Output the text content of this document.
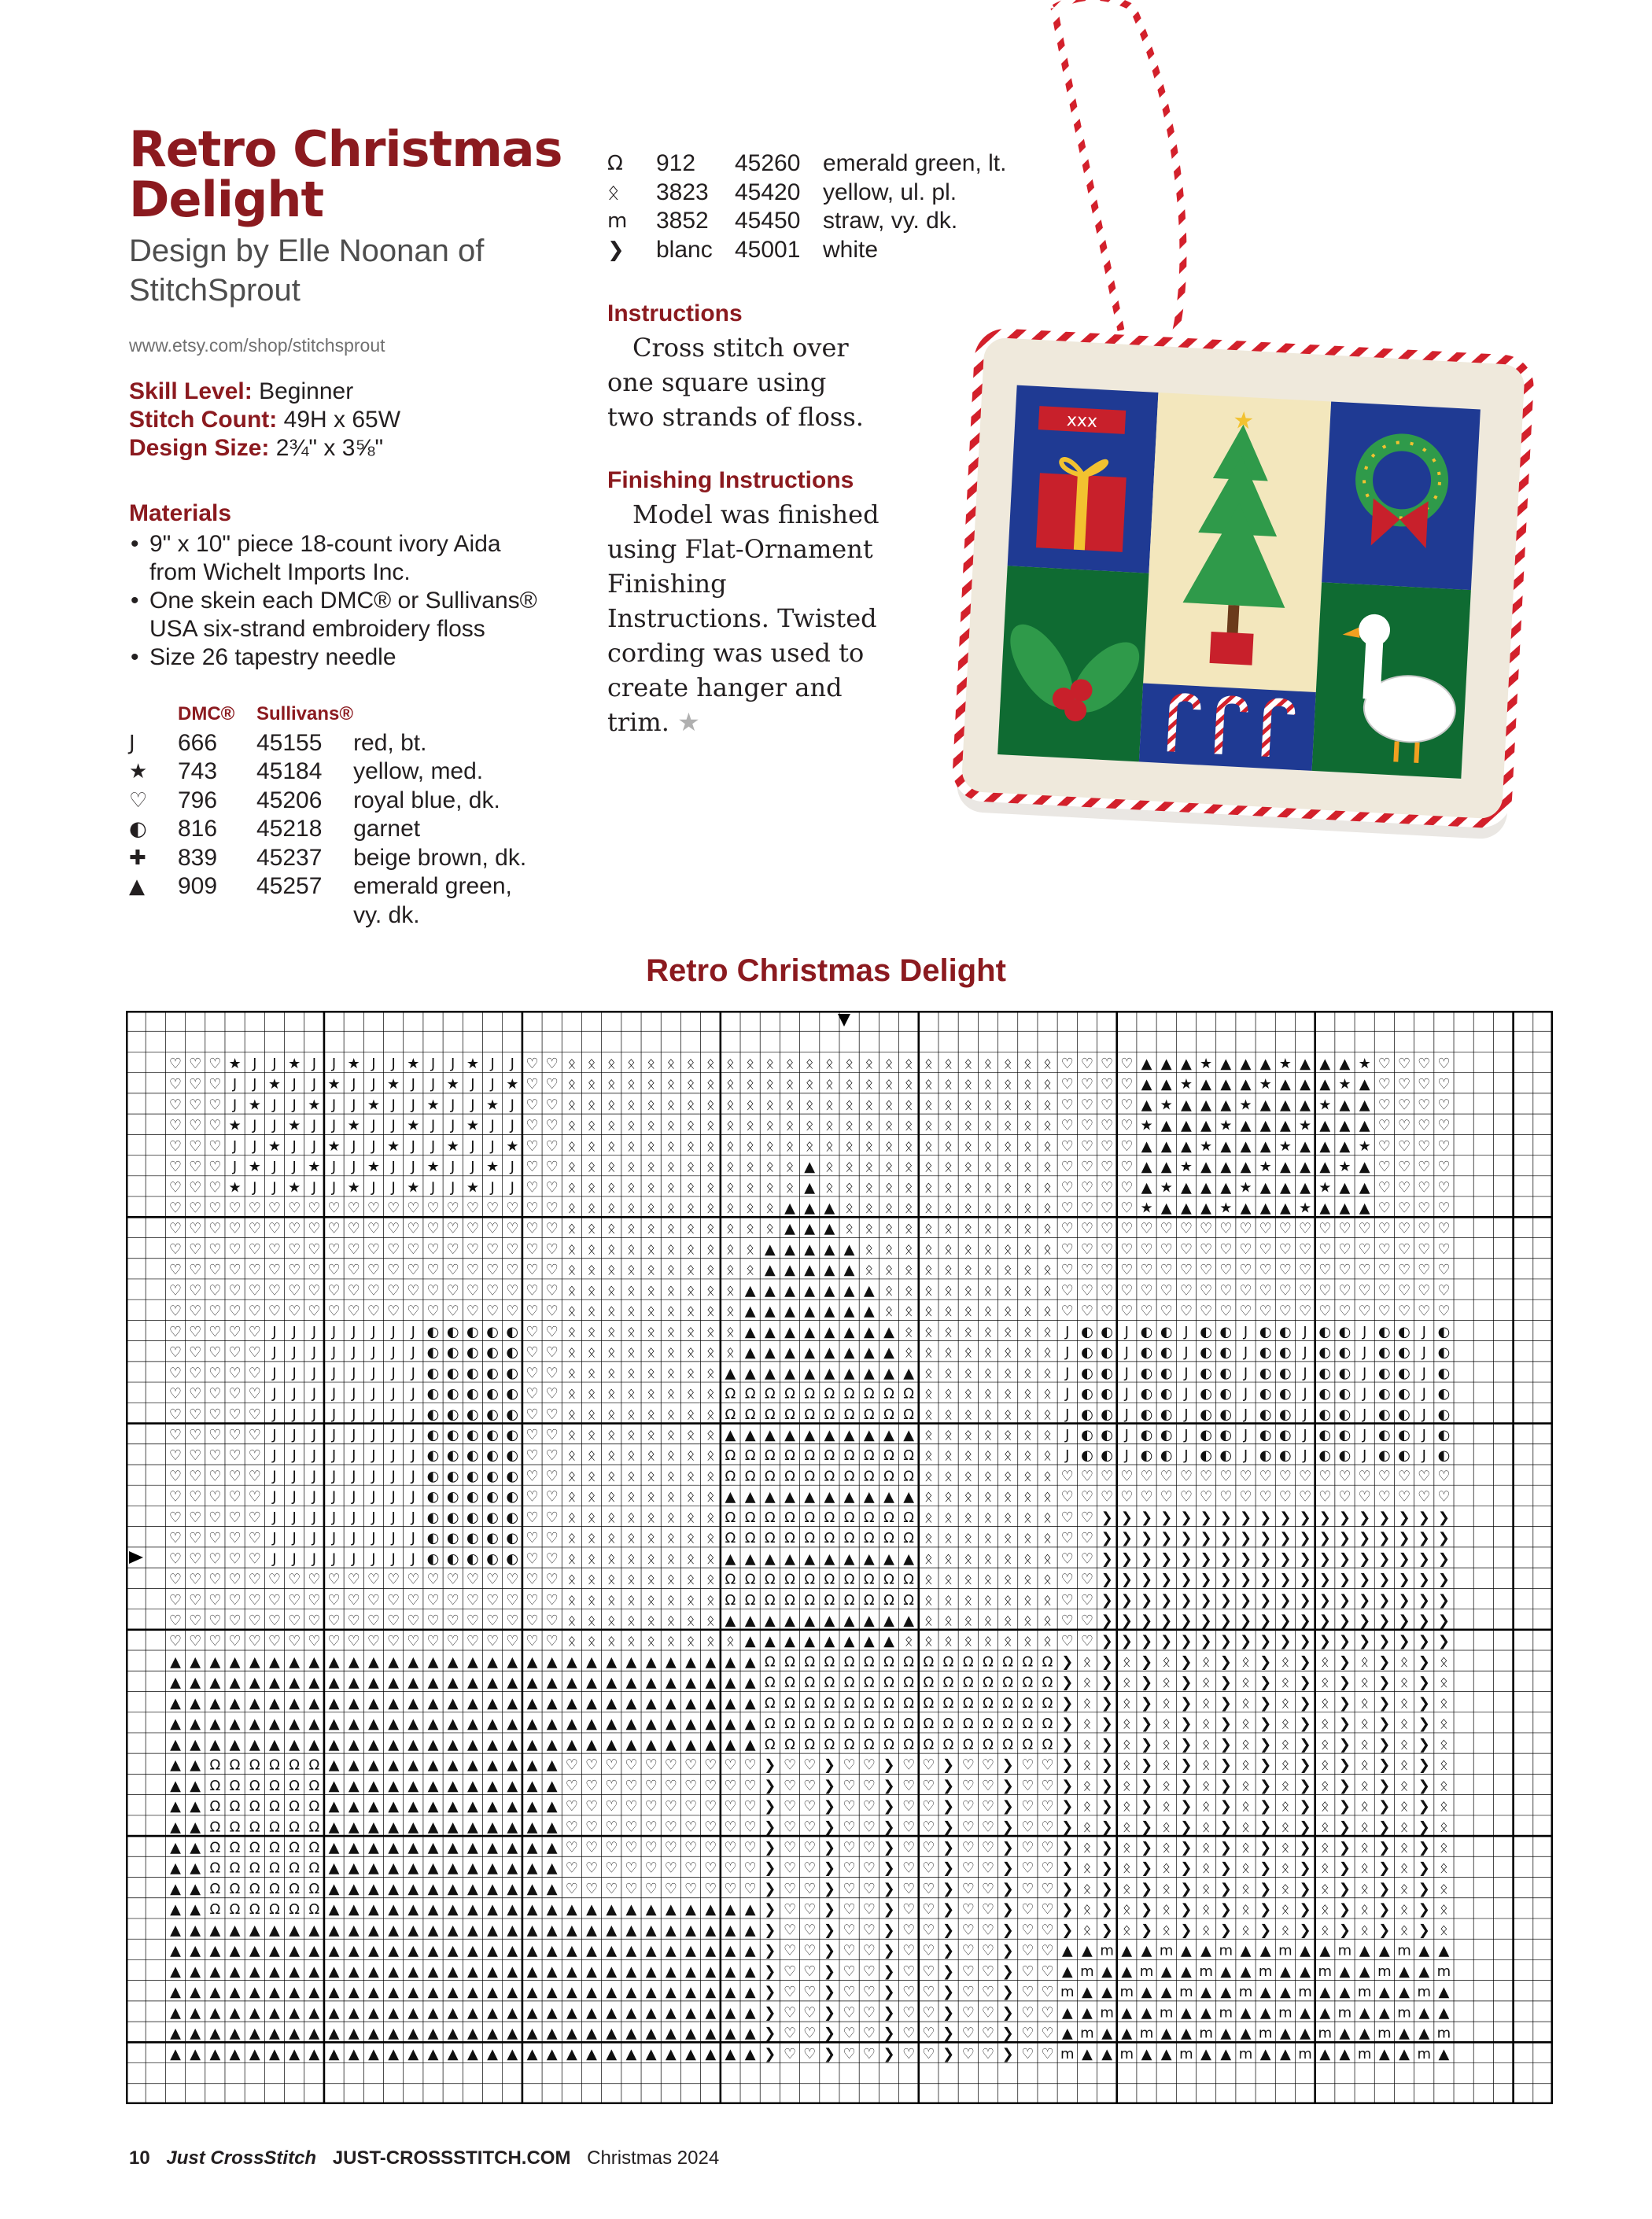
Retro Christmas
Delight
Design by Elle Noonan of StitchSprout
www.etsy.com/shop/stitchsprout
Skill Level: Beginner
Stitch Count: 49H x 65W
Design Size: 2¾" x 3⅝"
Materials
• 9" x 10" piece 18-count ivory Aida from Wichelt Imports Inc.
• One skein each DMC® or Sullivans® USA six-strand embroidery floss
• Size 26 tapestry needle
	DMC®	Sullivans®	
J	666	45155	red, bt.
★	743	45184	yellow, med.
♡	796	45206	royal blue, dk.
◐	816	45218	garnet
✚	839	45237	beige brown, dk.
▲	909	45257	emerald green, vy. dk.
Ω	912	45260	emerald green, lt.
ᛟ	3823	45420	yellow, ul. pl.
m	3852	45450	straw, vy. dk.
❯	blanc	45001	white
Instructions
Cross stitch over one square using two strands of floss.
Finishing Instructions
Model was finished using Flat-Ornament Finishing Instructions. Twisted cording was used to create hanger and trim. ★
xxx	★
Retro Christmas Delight
♡ ♡ ♡ ★ J J ★ J J ★ J J ★ J J ★ J J ♡ ♡ ᛟ ᛟ ᛟ ᛟ ᛟ ᛟ ᛟ ᛟ ᛟ ᛟ ᛟ ᛟ ᛟ ᛟ ᛟ ᛟ ᛟ ᛟ ᛟ ᛟ ᛟ ᛟ ᛟ ᛟ ᛟ ♡ ♡ ♡ ♡ ▲ ▲ ▲ ★ ▲ ▲ ▲ ★ ▲ ▲ ▲ ★ ♡ ♡ ♡ ♡
♡ ♡ ♡ J J ★ J J ★ J J ★ J J ★ J J ★ ♡ ♡ ᛟ ᛟ ᛟ ᛟ ᛟ ᛟ ᛟ ᛟ ᛟ ᛟ ᛟ ᛟ ᛟ ᛟ ᛟ ᛟ ᛟ ᛟ ᛟ ᛟ ᛟ ᛟ ᛟ ᛟ ᛟ ♡ ♡ ♡ ♡ ▲ ▲ ★ ▲ ▲ ▲ ★ ▲ ▲ ▲ ★ ▲ ♡ ♡ ♡ ♡
♡ ♡ ♡ J ★ J J ★ J J ★ J J ★ J J ★ J ♡ ♡ ᛟ ᛟ ᛟ ᛟ ᛟ ᛟ ᛟ ᛟ ᛟ ᛟ ᛟ ᛟ ᛟ ᛟ ᛟ ᛟ ᛟ ᛟ ᛟ ᛟ ᛟ ᛟ ᛟ ᛟ ᛟ ♡ ♡ ♡ ♡ ▲ ★ ▲ ▲ ▲ ★ ▲ ▲ ▲ ★ ▲ ▲ ♡ ♡ ♡ ♡
♡ ♡ ♡ ★ J J ★ J J ★ J J ★ J J ★ J J ♡ ♡ ᛟ ᛟ ᛟ ᛟ ᛟ ᛟ ᛟ ᛟ ᛟ ᛟ ᛟ ᛟ ᛟ ᛟ ᛟ ᛟ ᛟ ᛟ ᛟ ᛟ ᛟ ᛟ ᛟ ᛟ ᛟ ♡ ♡ ♡ ♡ ★ ▲ ▲ ▲ ★ ▲ ▲ ▲ ★ ▲ ▲ ▲ ♡ ♡ ♡ ♡
♡ ♡ ♡ J J ★ J J ★ J J ★ J J ★ J J ★ ♡ ♡ ᛟ ᛟ ᛟ ᛟ ᛟ ᛟ ᛟ ᛟ ᛟ ᛟ ᛟ ᛟ ᛟ ᛟ ᛟ ᛟ ᛟ ᛟ ᛟ ᛟ ᛟ ᛟ ᛟ ᛟ ᛟ ♡ ♡ ♡ ♡ ▲ ▲ ▲ ★ ▲ ▲ ▲ ★ ▲ ▲ ▲ ★ ♡ ♡ ♡ ♡
♡ ♡ ♡ J ★ J J ★ J J ★ J J ★ J J ★ J ♡ ♡ ᛟ ᛟ ᛟ ᛟ ᛟ ᛟ ᛟ ᛟ ᛟ ᛟ ᛟ ᛟ ▲ ᛟ ᛟ ᛟ ᛟ ᛟ ᛟ ᛟ ᛟ ᛟ ᛟ ᛟ ᛟ ♡ ♡ ♡ ♡ ▲ ▲ ★ ▲ ▲ ▲ ★ ▲ ▲ ▲ ★ ▲ ♡ ♡ ♡ ♡
♡ ♡ ♡ ★ J J ★ J J ★ J J ★ J J ★ J J ♡ ♡ ᛟ ᛟ ᛟ ᛟ ᛟ ᛟ ᛟ ᛟ ᛟ ᛟ ᛟ ᛟ ▲ ᛟ ᛟ ᛟ ᛟ ᛟ ᛟ ᛟ ᛟ ᛟ ᛟ ᛟ ᛟ ♡ ♡ ♡ ♡ ▲ ★ ▲ ▲ ▲ ★ ▲ ▲ ▲ ★ ▲ ▲ ♡ ♡ ♡ ♡
♡ ♡ ♡ ♡ ♡ ♡ ♡ ♡ ♡ ♡ ♡ ♡ ♡ ♡ ♡ ♡ ♡ ♡ ♡ ♡ ᛟ ᛟ ᛟ ᛟ ᛟ ᛟ ᛟ ᛟ ᛟ ᛟ ᛟ ▲ ▲ ▲ ᛟ ᛟ ᛟ ᛟ ᛟ ᛟ ᛟ ᛟ ᛟ ᛟ ᛟ ♡ ♡ ♡ ♡ ★ ▲ ▲ ▲ ★ ▲ ▲ ▲ ★ ▲ ▲ ▲ ♡ ♡ ♡ ♡
♡ ♡ ♡ ♡ ♡ ♡ ♡ ♡ ♡ ♡ ♡ ♡ ♡ ♡ ♡ ♡ ♡ ♡ ♡ ♡ ᛟ ᛟ ᛟ ᛟ ᛟ ᛟ ᛟ ᛟ ᛟ ᛟ ᛟ ▲ ▲ ▲ ᛟ ᛟ ᛟ ᛟ ᛟ ᛟ ᛟ ᛟ ᛟ ᛟ ᛟ ♡ ♡ ♡ ♡ ♡ ♡ ♡ ♡ ♡ ♡ ♡ ♡ ♡ ♡ ♡ ♡ ♡ ♡ ♡ ♡
♡ ♡ ♡ ♡ ♡ ♡ ♡ ♡ ♡ ♡ ♡ ♡ ♡ ♡ ♡ ♡ ♡ ♡ ♡ ♡ ᛟ ᛟ ᛟ ᛟ ᛟ ᛟ ᛟ ᛟ ᛟ ᛟ ▲ ▲ ▲ ▲ ▲ ᛟ ᛟ ᛟ ᛟ ᛟ ᛟ ᛟ ᛟ ᛟ ᛟ ♡ ♡ ♡ ♡ ♡ ♡ ♡ ♡ ♡ ♡ ♡ ♡ ♡ ♡ ♡ ♡ ♡ ♡ ♡ ♡
♡ ♡ ♡ ♡ ♡ ♡ ♡ ♡ ♡ ♡ ♡ ♡ ♡ ♡ ♡ ♡ ♡ ♡ ♡ ♡ ᛟ ᛟ ᛟ ᛟ ᛟ ᛟ ᛟ ᛟ ᛟ ᛟ ▲ ▲ ▲ ▲ ▲ ᛟ ᛟ ᛟ ᛟ ᛟ ᛟ ᛟ ᛟ ᛟ ᛟ ♡ ♡ ♡ ♡ ♡ ♡ ♡ ♡ ♡ ♡ ♡ ♡ ♡ ♡ ♡ ♡ ♡ ♡ ♡ ♡
♡ ♡ ♡ ♡ ♡ ♡ ♡ ♡ ♡ ♡ ♡ ♡ ♡ ♡ ♡ ♡ ♡ ♡ ♡ ♡ ᛟ ᛟ ᛟ ᛟ ᛟ ᛟ ᛟ ᛟ ᛟ ▲ ▲ ▲ ▲ ▲ ▲ ▲ ᛟ ᛟ ᛟ ᛟ ᛟ ᛟ ᛟ ᛟ ᛟ ♡ ♡ ♡ ♡ ♡ ♡ ♡ ♡ ♡ ♡ ♡ ♡ ♡ ♡ ♡ ♡ ♡ ♡ ♡ ♡
♡ ♡ ♡ ♡ ♡ ♡ ♡ ♡ ♡ ♡ ♡ ♡ ♡ ♡ ♡ ♡ ♡ ♡ ♡ ♡ ᛟ ᛟ ᛟ ᛟ ᛟ ᛟ ᛟ ᛟ ᛟ ▲ ▲ ▲ ▲ ▲ ▲ ▲ ᛟ ᛟ ᛟ ᛟ ᛟ ᛟ ᛟ ᛟ ᛟ ♡ ♡ ♡ ♡ ♡ ♡ ♡ ♡ ♡ ♡ ♡ ♡ ♡ ♡ ♡ ♡ ♡ ♡ ♡ ♡
♡ ♡ ♡ ♡ ♡ J J J J J J J J ◐ ◐ ◐ ◐ ◐ ♡ ♡ ᛟ ᛟ ᛟ ᛟ ᛟ ᛟ ᛟ ᛟ ᛟ ▲ ▲ ▲ ▲ ▲ ▲ ▲ ▲ ᛟ ᛟ ᛟ ᛟ ᛟ ᛟ ᛟ ᛟ J ◐ ◐ J ◐ ◐ J ◐ ◐ J ◐ ◐ J ◐ ◐ J ◐ ◐ J ◐
♡ ♡ ♡ ♡ ♡ J J J J J J J J ◐ ◐ ◐ ◐ ◐ ♡ ♡ ᛟ ᛟ ᛟ ᛟ ᛟ ᛟ ᛟ ᛟ ᛟ ▲ ▲ ▲ ▲ ▲ ▲ ▲ ▲ ᛟ ᛟ ᛟ ᛟ ᛟ ᛟ ᛟ ᛟ J ◐ ◐ J ◐ ◐ J ◐ ◐ J ◐ ◐ J ◐ ◐ J ◐ ◐ J ◐
♡ ♡ ♡ ♡ ♡ J J J J J J J J ◐ ◐ ◐ ◐ ◐ ♡ ♡ ᛟ ᛟ ᛟ ᛟ ᛟ ᛟ ᛟ ᛟ ▲ ▲ ▲ ▲ ▲ ▲ ▲ ▲ ▲ ▲ ᛟ ᛟ ᛟ ᛟ ᛟ ᛟ ᛟ J ◐ ◐ J ◐ ◐ J ◐ ◐ J ◐ ◐ J ◐ ◐ J ◐ ◐ J ◐
♡ ♡ ♡ ♡ ♡ J J J J J J J J ◐ ◐ ◐ ◐ ◐ ♡ ♡ ᛟ ᛟ ᛟ ᛟ ᛟ ᛟ ᛟ ᛟ Ω Ω Ω Ω Ω Ω Ω Ω Ω Ω ᛟ ᛟ ᛟ ᛟ ᛟ ᛟ ᛟ J ◐ ◐ J ◐ ◐ J ◐ ◐ J ◐ ◐ J ◐ ◐ J ◐ ◐ J ◐
♡ ♡ ♡ ♡ ♡ J J J J J J J J ◐ ◐ ◐ ◐ ◐ ♡ ♡ ᛟ ᛟ ᛟ ᛟ ᛟ ᛟ ᛟ ᛟ Ω Ω Ω Ω Ω Ω Ω Ω Ω Ω ᛟ ᛟ ᛟ ᛟ ᛟ ᛟ ᛟ J ◐ ◐ J ◐ ◐ J ◐ ◐ J ◐ ◐ J ◐ ◐ J ◐ ◐ J ◐
♡ ♡ ♡ ♡ ♡ J J J J J J J J ◐ ◐ ◐ ◐ ◐ ♡ ♡ ᛟ ᛟ ᛟ ᛟ ᛟ ᛟ ᛟ ᛟ ▲ ▲ ▲ ▲ ▲ ▲ ▲ ▲ ▲ ▲ ᛟ ᛟ ᛟ ᛟ ᛟ ᛟ ᛟ J ◐ ◐ J ◐ ◐ J ◐ ◐ J ◐ ◐ J ◐ ◐ J ◐ ◐ J ◐
♡ ♡ ♡ ♡ ♡ J J J J J J J J ◐ ◐ ◐ ◐ ◐ ♡ ♡ ᛟ ᛟ ᛟ ᛟ ᛟ ᛟ ᛟ ᛟ Ω Ω Ω Ω Ω Ω Ω Ω Ω Ω ᛟ ᛟ ᛟ ᛟ ᛟ ᛟ ᛟ J ◐ ◐ J ◐ ◐ J ◐ ◐ J ◐ ◐ J ◐ ◐ J ◐ ◐ J ◐
♡ ♡ ♡ ♡ ♡ J J J J J J J J ◐ ◐ ◐ ◐ ◐ ♡ ♡ ᛟ ᛟ ᛟ ᛟ ᛟ ᛟ ᛟ ᛟ Ω Ω Ω Ω Ω Ω Ω Ω Ω Ω ᛟ ᛟ ᛟ ᛟ ᛟ ᛟ ᛟ ♡ ♡ ♡ ♡ ♡ ♡ ♡ ♡ ♡ ♡ ♡ ♡ ♡ ♡ ♡ ♡ ♡ ♡ ♡ ♡
♡ ♡ ♡ ♡ ♡ J J J J J J J J ◐ ◐ ◐ ◐ ◐ ♡ ♡ ᛟ ᛟ ᛟ ᛟ ᛟ ᛟ ᛟ ᛟ ▲ ▲ ▲ ▲ ▲ ▲ ▲ ▲ ▲ ▲ ᛟ ᛟ ᛟ ᛟ ᛟ ᛟ ᛟ ♡ ♡ ♡ ♡ ♡ ♡ ♡ ♡ ♡ ♡ ♡ ♡ ♡ ♡ ♡ ♡ ♡ ♡ ♡ ♡
♡ ♡ ♡ ♡ ♡ J J J J J J J J ◐ ◐ ◐ ◐ ◐ ♡ ♡ ᛟ ᛟ ᛟ ᛟ ᛟ ᛟ ᛟ ᛟ Ω Ω Ω Ω Ω Ω Ω Ω Ω Ω ᛟ ᛟ ᛟ ᛟ ᛟ ᛟ ᛟ ♡ ♡ ❯ ❯ ❯ ❯ ❯ ❯ ❯ ❯ ❯ ❯ ❯ ❯ ❯ ❯ ❯ ❯ ❯ ❯
♡ ♡ ♡ ♡ ♡ J J J J J J J J ◐ ◐ ◐ ◐ ◐ ♡ ♡ ᛟ ᛟ ᛟ ᛟ ᛟ ᛟ ᛟ ᛟ Ω Ω Ω Ω Ω Ω Ω Ω Ω Ω ᛟ ᛟ ᛟ ᛟ ᛟ ᛟ ᛟ ♡ ♡ ❯ ❯ ❯ ❯ ❯ ❯ ❯ ❯ ❯ ❯ ❯ ❯ ❯ ❯ ❯ ❯ ❯ ❯
♡ ♡ ♡ ♡ ♡ J J J J J J J J ◐ ◐ ◐ ◐ ◐ ♡ ♡ ᛟ ᛟ ᛟ ᛟ ᛟ ᛟ ᛟ ᛟ ▲ ▲ ▲ ▲ ▲ ▲ ▲ ▲ ▲ ▲ ᛟ ᛟ ᛟ ᛟ ᛟ ᛟ ᛟ ♡ ♡ ❯ ❯ ❯ ❯ ❯ ❯ ❯ ❯ ❯ ❯ ❯ ❯ ❯ ❯ ❯ ❯ ❯ ❯
♡ ♡ ♡ ♡ ♡ ♡ ♡ ♡ ♡ ♡ ♡ ♡ ♡ ♡ ♡ ♡ ♡ ♡ ♡ ♡ ᛟ ᛟ ᛟ ᛟ ᛟ ᛟ ᛟ ᛟ Ω Ω Ω Ω Ω Ω Ω Ω Ω Ω ᛟ ᛟ ᛟ ᛟ ᛟ ᛟ ᛟ ♡ ♡ ❯ ❯ ❯ ❯ ❯ ❯ ❯ ❯ ❯ ❯ ❯ ❯ ❯ ❯ ❯ ❯ ❯ ❯
♡ ♡ ♡ ♡ ♡ ♡ ♡ ♡ ♡ ♡ ♡ ♡ ♡ ♡ ♡ ♡ ♡ ♡ ♡ ♡ ᛟ ᛟ ᛟ ᛟ ᛟ ᛟ ᛟ ᛟ Ω Ω Ω Ω Ω Ω Ω Ω Ω Ω ᛟ ᛟ ᛟ ᛟ ᛟ ᛟ ᛟ ♡ ♡ ❯ ❯ ❯ ❯ ❯ ❯ ❯ ❯ ❯ ❯ ❯ ❯ ❯ ❯ ❯ ❯ ❯ ❯
♡ ♡ ♡ ♡ ♡ ♡ ♡ ♡ ♡ ♡ ♡ ♡ ♡ ♡ ♡ ♡ ♡ ♡ ♡ ♡ ᛟ ᛟ ᛟ ᛟ ᛟ ᛟ ᛟ ᛟ ▲ ▲ ▲ ▲ ▲ ▲ ▲ ▲ ▲ ▲ ᛟ ᛟ ᛟ ᛟ ᛟ ᛟ ᛟ ♡ ♡ ❯ ❯ ❯ ❯ ❯ ❯ ❯ ❯ ❯ ❯ ❯ ❯ ❯ ❯ ❯ ❯ ❯ ❯
♡ ♡ ♡ ♡ ♡ ♡ ♡ ♡ ♡ ♡ ♡ ♡ ♡ ♡ ♡ ♡ ♡ ♡ ♡ ♡ ᛟ ᛟ ᛟ ᛟ ᛟ ᛟ ᛟ ᛟ ᛟ ▲ ▲ ▲ ▲ ▲ ▲ ▲ ▲ ᛟ ᛟ ᛟ ᛟ ᛟ ᛟ ᛟ ᛟ ♡ ♡ ❯ ❯ ❯ ❯ ❯ ❯ ❯ ❯ ❯ ❯ ❯ ❯ ❯ ❯ ❯ ❯ ❯ ❯
▲ ▲ ▲ ▲ ▲ ▲ ▲ ▲ ▲ ▲ ▲ ▲ ▲ ▲ ▲ ▲ ▲ ▲ ▲ ▲ ▲ ▲ ▲ ▲ ▲ ▲ ▲ ▲ ▲ ▲ Ω Ω Ω Ω Ω Ω Ω Ω Ω Ω Ω Ω Ω Ω Ω ❯ ᛟ ❯ ᛟ ❯ ᛟ ❯ ᛟ ❯ ᛟ ❯ ᛟ ❯ ᛟ ❯ ᛟ ❯ ᛟ ❯ ᛟ
▲ ▲ ▲ ▲ ▲ ▲ ▲ ▲ ▲ ▲ ▲ ▲ ▲ ▲ ▲ ▲ ▲ ▲ ▲ ▲ ▲ ▲ ▲ ▲ ▲ ▲ ▲ ▲ ▲ ▲ Ω Ω Ω Ω Ω Ω Ω Ω Ω Ω Ω Ω Ω Ω Ω ❯ ᛟ ❯ ᛟ ❯ ᛟ ❯ ᛟ ❯ ᛟ ❯ ᛟ ❯ ᛟ ❯ ᛟ ❯ ᛟ ❯ ᛟ
▲ ▲ ▲ ▲ ▲ ▲ ▲ ▲ ▲ ▲ ▲ ▲ ▲ ▲ ▲ ▲ ▲ ▲ ▲ ▲ ▲ ▲ ▲ ▲ ▲ ▲ ▲ ▲ ▲ ▲ Ω Ω Ω Ω Ω Ω Ω Ω Ω Ω Ω Ω Ω Ω Ω ❯ ᛟ ❯ ᛟ ❯ ᛟ ❯ ᛟ ❯ ᛟ ❯ ᛟ ❯ ᛟ ❯ ᛟ ❯ ᛟ ❯ ᛟ
▲ ▲ ▲ ▲ ▲ ▲ ▲ ▲ ▲ ▲ ▲ ▲ ▲ ▲ ▲ ▲ ▲ ▲ ▲ ▲ ▲ ▲ ▲ ▲ ▲ ▲ ▲ ▲ ▲ ▲ Ω Ω Ω Ω Ω Ω Ω Ω Ω Ω Ω Ω Ω Ω Ω ❯ ᛟ ❯ ᛟ ❯ ᛟ ❯ ᛟ ❯ ᛟ ❯ ᛟ ❯ ᛟ ❯ ᛟ ❯ ᛟ ❯ ᛟ
▲ ▲ ▲ ▲ ▲ ▲ ▲ ▲ ▲ ▲ ▲ ▲ ▲ ▲ ▲ ▲ ▲ ▲ ▲ ▲ ▲ ▲ ▲ ▲ ▲ ▲ ▲ ▲ ▲ ▲ Ω Ω Ω Ω Ω Ω Ω Ω Ω Ω Ω Ω Ω Ω Ω ❯ ᛟ ❯ ᛟ ❯ ᛟ ❯ ᛟ ❯ ᛟ ❯ ᛟ ❯ ᛟ ❯ ᛟ ❯ ᛟ ❯ ᛟ
▲ ▲ Ω Ω Ω Ω Ω Ω ▲ ▲ ▲ ▲ ▲ ▲ ▲ ▲ ▲ ▲ ▲ ▲ ♡ ♡ ♡ ♡ ♡ ♡ ♡ ♡ ♡ ♡ ❯ ♡ ♡ ❯ ♡ ♡ ❯ ♡ ♡ ❯ ♡ ♡ ❯ ♡ ♡ ❯ ᛟ ❯ ᛟ ❯ ᛟ ❯ ᛟ ❯ ᛟ ❯ ᛟ ❯ ᛟ ❯ ᛟ ❯ ᛟ ❯ ᛟ
▲ ▲ Ω Ω Ω Ω Ω Ω ▲ ▲ ▲ ▲ ▲ ▲ ▲ ▲ ▲ ▲ ▲ ▲ ♡ ♡ ♡ ♡ ♡ ♡ ♡ ♡ ♡ ♡ ❯ ♡ ♡ ❯ ♡ ♡ ❯ ♡ ♡ ❯ ♡ ♡ ❯ ♡ ♡ ❯ ᛟ ❯ ᛟ ❯ ᛟ ❯ ᛟ ❯ ᛟ ❯ ᛟ ❯ ᛟ ❯ ᛟ ❯ ᛟ ❯ ᛟ
▲ ▲ Ω Ω Ω Ω Ω Ω ▲ ▲ ▲ ▲ ▲ ▲ ▲ ▲ ▲ ▲ ▲ ▲ ♡ ♡ ♡ ♡ ♡ ♡ ♡ ♡ ♡ ♡ ❯ ♡ ♡ ❯ ♡ ♡ ❯ ♡ ♡ ❯ ♡ ♡ ❯ ♡ ♡ ❯ ᛟ ❯ ᛟ ❯ ᛟ ❯ ᛟ ❯ ᛟ ❯ ᛟ ❯ ᛟ ❯ ᛟ ❯ ᛟ ❯ ᛟ
▲ ▲ Ω Ω Ω Ω Ω Ω ▲ ▲ ▲ ▲ ▲ ▲ ▲ ▲ ▲ ▲ ▲ ▲ ♡ ♡ ♡ ♡ ♡ ♡ ♡ ♡ ♡ ♡ ❯ ♡ ♡ ❯ ♡ ♡ ❯ ♡ ♡ ❯ ♡ ♡ ❯ ♡ ♡ ❯ ᛟ ❯ ᛟ ❯ ᛟ ❯ ᛟ ❯ ᛟ ❯ ᛟ ❯ ᛟ ❯ ᛟ ❯ ᛟ ❯ ᛟ
▲ ▲ Ω Ω Ω Ω Ω Ω ▲ ▲ ▲ ▲ ▲ ▲ ▲ ▲ ▲ ▲ ▲ ▲ ♡ ♡ ♡ ♡ ♡ ♡ ♡ ♡ ♡ ♡ ❯ ♡ ♡ ❯ ♡ ♡ ❯ ♡ ♡ ❯ ♡ ♡ ❯ ♡ ♡ ❯ ᛟ ❯ ᛟ ❯ ᛟ ❯ ᛟ ❯ ᛟ ❯ ᛟ ❯ ᛟ ❯ ᛟ ❯ ᛟ ❯ ᛟ
▲ ▲ Ω Ω Ω Ω Ω Ω ▲ ▲ ▲ ▲ ▲ ▲ ▲ ▲ ▲ ▲ ▲ ▲ ♡ ♡ ♡ ♡ ♡ ♡ ♡ ♡ ♡ ♡ ❯ ♡ ♡ ❯ ♡ ♡ ❯ ♡ ♡ ❯ ♡ ♡ ❯ ♡ ♡ ❯ ᛟ ❯ ᛟ ❯ ᛟ ❯ ᛟ ❯ ᛟ ❯ ᛟ ❯ ᛟ ❯ ᛟ ❯ ᛟ ❯ ᛟ
▲ ▲ Ω Ω Ω Ω Ω Ω ▲ ▲ ▲ ▲ ▲ ▲ ▲ ▲ ▲ ▲ ▲ ▲ ♡ ♡ ♡ ♡ ♡ ♡ ♡ ♡ ♡ ♡ ❯ ♡ ♡ ❯ ♡ ♡ ❯ ♡ ♡ ❯ ♡ ♡ ❯ ♡ ♡ ❯ ᛟ ❯ ᛟ ❯ ᛟ ❯ ᛟ ❯ ᛟ ❯ ᛟ ❯ ᛟ ❯ ᛟ ❯ ᛟ ❯ ᛟ
▲ ▲ Ω Ω Ω Ω Ω Ω ▲ ▲ ▲ ▲ ▲ ▲ ▲ ▲ ▲ ▲ ▲ ▲ ▲ ▲ ▲ ▲ ▲ ▲ ▲ ▲ ▲ ▲ ❯ ♡ ♡ ❯ ♡ ♡ ❯ ♡ ♡ ❯ ♡ ♡ ❯ ♡ ♡ ❯ ᛟ ❯ ᛟ ❯ ᛟ ❯ ᛟ ❯ ᛟ ❯ ᛟ ❯ ᛟ ❯ ᛟ ❯ ᛟ ❯ ᛟ
▲ ▲ ▲ ▲ ▲ ▲ ▲ ▲ ▲ ▲ ▲ ▲ ▲ ▲ ▲ ▲ ▲ ▲ ▲ ▲ ▲ ▲ ▲ ▲ ▲ ▲ ▲ ▲ ▲ ▲ ❯ ♡ ♡ ❯ ♡ ♡ ❯ ♡ ♡ ❯ ♡ ♡ ❯ ♡ ♡ ❯ ᛟ ❯ ᛟ ❯ ᛟ ❯ ᛟ ❯ ᛟ ❯ ᛟ ❯ ᛟ ❯ ᛟ ❯ ᛟ ❯ ᛟ
▲ ▲ ▲ ▲ ▲ ▲ ▲ ▲ ▲ ▲ ▲ ▲ ▲ ▲ ▲ ▲ ▲ ▲ ▲ ▲ ▲ ▲ ▲ ▲ ▲ ▲ ▲ ▲ ▲ ▲ ❯ ♡ ♡ ❯ ♡ ♡ ❯ ♡ ♡ ❯ ♡ ♡ ❯ ♡ ♡ ▲ ▲ m ▲ ▲ m ▲ ▲ m ▲ ▲ m ▲ ▲ m ▲ ▲ m ▲ ▲
▲ ▲ ▲ ▲ ▲ ▲ ▲ ▲ ▲ ▲ ▲ ▲ ▲ ▲ ▲ ▲ ▲ ▲ ▲ ▲ ▲ ▲ ▲ ▲ ▲ ▲ ▲ ▲ ▲ ▲ ❯ ♡ ♡ ❯ ♡ ♡ ❯ ♡ ♡ ❯ ♡ ♡ ❯ ♡ ♡ ▲ m ▲ ▲ m ▲ ▲ m ▲ ▲ m ▲ ▲ m ▲ ▲ m ▲ ▲ m
▲ ▲ ▲ ▲ ▲ ▲ ▲ ▲ ▲ ▲ ▲ ▲ ▲ ▲ ▲ ▲ ▲ ▲ ▲ ▲ ▲ ▲ ▲ ▲ ▲ ▲ ▲ ▲ ▲ ▲ ❯ ♡ ♡ ❯ ♡ ♡ ❯ ♡ ♡ ❯ ♡ ♡ ❯ ♡ ♡ m ▲ ▲ m ▲ ▲ m ▲ ▲ m ▲ ▲ m ▲ ▲ m ▲ ▲ m ▲
▲ ▲ ▲ ▲ ▲ ▲ ▲ ▲ ▲ ▲ ▲ ▲ ▲ ▲ ▲ ▲ ▲ ▲ ▲ ▲ ▲ ▲ ▲ ▲ ▲ ▲ ▲ ▲ ▲ ▲ ❯ ♡ ♡ ❯ ♡ ♡ ❯ ♡ ♡ ❯ ♡ ♡ ❯ ♡ ♡ ▲ ▲ m ▲ ▲ m ▲ ▲ m ▲ ▲ m ▲ ▲ m ▲ ▲ m ▲ ▲
▲ ▲ ▲ ▲ ▲ ▲ ▲ ▲ ▲ ▲ ▲ ▲ ▲ ▲ ▲ ▲ ▲ ▲ ▲ ▲ ▲ ▲ ▲ ▲ ▲ ▲ ▲ ▲ ▲ ▲ ❯ ♡ ♡ ❯ ♡ ♡ ❯ ♡ ♡ ❯ ♡ ♡ ❯ ♡ ♡ ▲ m ▲ ▲ m ▲ ▲ m ▲ ▲ m ▲ ▲ m ▲ ▲ m ▲ ▲ m
▲ ▲ ▲ ▲ ▲ ▲ ▲ ▲ ▲ ▲ ▲ ▲ ▲ ▲ ▲ ▲ ▲ ▲ ▲ ▲ ▲ ▲ ▲ ▲ ▲ ▲ ▲ ▲ ▲ ▲ ❯ ♡ ♡ ❯ ♡ ♡ ❯ ♡ ♡ ❯ ♡ ♡ ❯ ♡ ♡ m ▲ ▲ m ▲ ▲ m ▲ ▲ m ▲ ▲ m ▲ ▲ m ▲ ▲ m ▲
10 Just CrossStitch JUST-CROSSSTITCH.COM Christmas 2024
